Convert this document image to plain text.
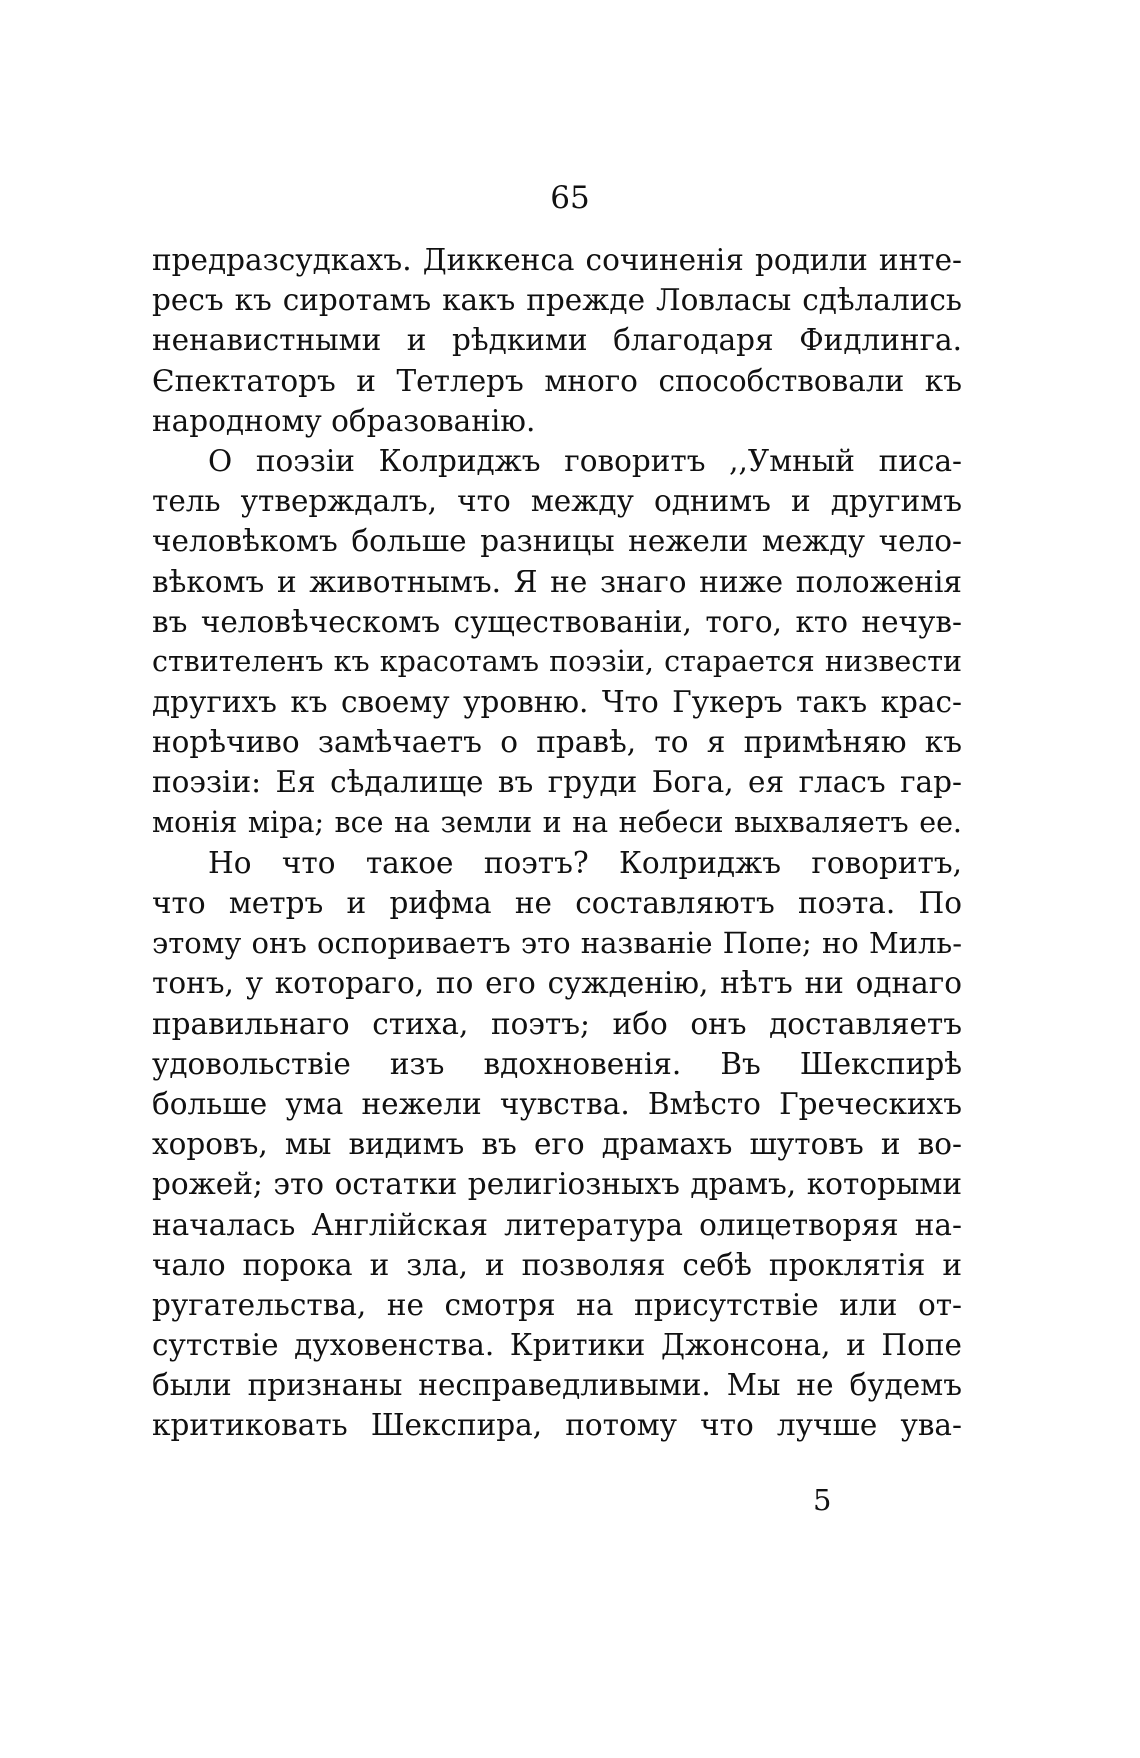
65
предразсудкахъ. Диккенса сочиненія родили инте-
ресъ къ сиротамъ какъ прежде Ловласы сдѣлались
ненавистными и рѣдкими благодаря Фидлинга.
Єпектаторъ и Тетлеръ много способствовали къ
народному образованію.
О поэзіи Колриджъ говоритъ ,,Умный писа-
тель утверждалъ, что между однимъ и другимъ
человѣкомъ больше разницы нежели между чело-
вѣкомъ и животнымъ. Я не знаго ниже положенія
въ человѣческомъ существованіи, того, кто нечув-
ствителенъ къ красотамъ поэзіи, старается низвести
другихъ къ своему уровню. Что Гукеръ такъ крас-
норѣчиво замѣчаетъ о правѣ, то я примѣняю къ
поэзіи: Ея сѣдалище въ груди Бога, ея гласъ гар-
монія міра; все на земли и на небеси выхваляетъ ее.
Но что такое поэтъ? Колриджъ говоритъ,
что метръ и рифма не составляютъ поэта. По
этому онъ оспориваетъ это названіе Попе; но Миль-
тонъ, у котораго, по его сужденію, нѣтъ ни однаго
правильнаго стиха, поэтъ; ибо онъ доставляетъ
удовольствіе изъ вдохновенія. Въ Шекспирѣ
больше ума нежели чувства. Вмѣсто Греческихъ
хоровъ, мы видимъ въ его драмахъ шутовъ и во-
рожей; это остатки религіозныхъ драмъ, которыми
началась Англійская литература олицетворяя на-
чало порока и зла, и позволяя себѣ проклятія и
ругательства, не смотря на присутствіе или от-
сутствіе духовенства. Критики Джонсона, и Попе
были признаны несправедливыми. Мы не будемъ
критиковать Шекспира, потому что лучше ува-
5
